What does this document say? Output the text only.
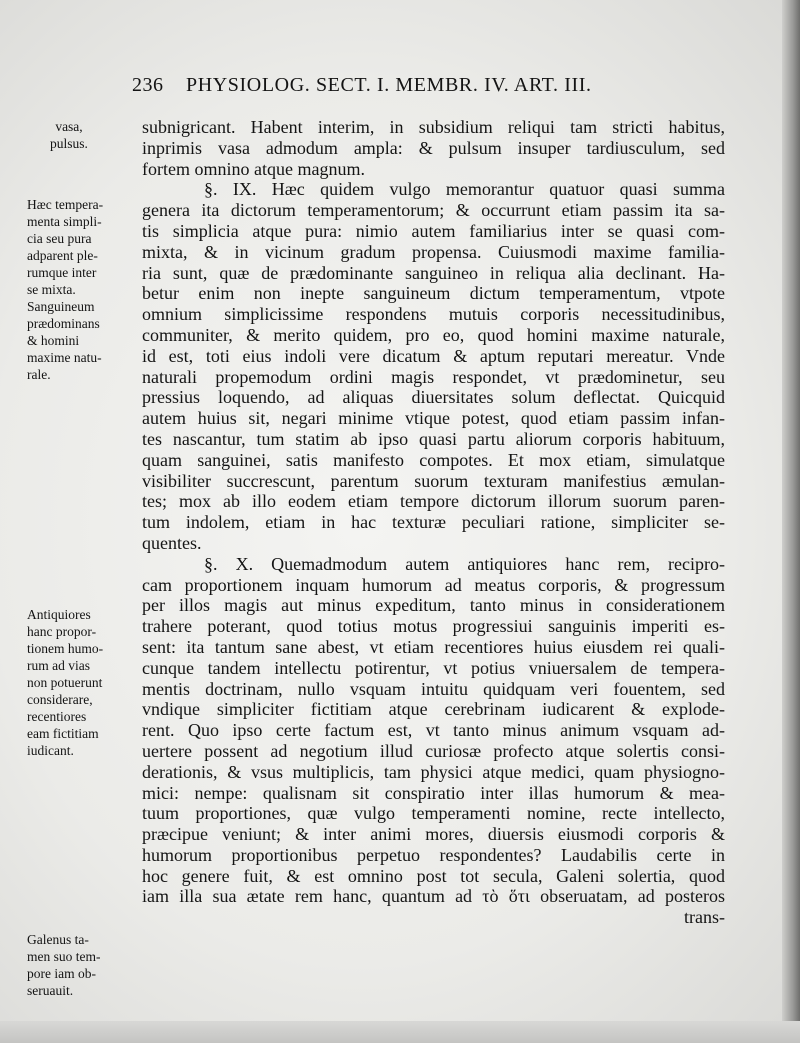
236 PHYSIOLOG. SECT. I. MEMBR. IV. ART. III.
vasa,
pulsus.
Hæc tempera-
menta simpli-
cia seu pura
adparent ple-
rumque inter
se mixta.
Sanguineum
prædominans
& homini
maxime natu-
rale.
Antiquiores
hanc propor-
tionem humo-
rum ad vias
non potuerunt
considerare,
recentiores
eam fictitiam
iudicant.
Galenus ta-
men suo tem-
pore iam ob-
seruauit.
subnigricant. Habent interim, in subsidium reliqui tam stricti habitus,
inprimis vasa admodum ampla: & pulsum insuper tardiusculum, sed
fortem omnino atque magnum.
§. IX. Hæc quidem vulgo memorantur quatuor quasi summa
genera ita dictorum temperamentorum; & occurrunt etiam passim ita sa-
tis simplicia atque pura: nimio autem familiarius inter se quasi com-
mixta, & in vicinum gradum propensa. Cuiusmodi maxime familia-
ria sunt, quæ de prædominante sanguineo in reliqua alia declinant. Ha-
betur enim non inepte sanguineum dictum temperamentum, vtpote
omnium simplicissime respondens mutuis corporis necessitudinibus,
communiter, & merito quidem, pro eo, quod homini maxime naturale,
id est, toti eius indoli vere dicatum & aptum reputari mereatur. Vnde
naturali propemodum ordini magis respondet, vt prædominetur, seu
pressius loquendo, ad aliquas diuersitates solum deflectat. Quicquid
autem huius sit, negari minime vtique potest, quod etiam passim infan-
tes nascantur, tum statim ab ipso quasi partu aliorum corporis habituum,
quam sanguinei, satis manifesto compotes. Et mox etiam, simulatque
visibiliter succrescunt, parentum suorum texturam manifestius æmulan-
tes; mox ab illo eodem etiam tempore dictorum illorum suorum paren-
tum indolem, etiam in hac texturæ peculiari ratione, simpliciter se-
quentes.
§. X. Quemadmodum autem antiquiores hanc rem, recipro-
cam proportionem inquam humorum ad meatus corporis, & progressum
per illos magis aut minus expeditum, tanto minus in considerationem
trahere poterant, quod totius motus progressiui sanguinis imperiti es-
sent: ita tantum sane abest, vt etiam recentiores huius eiusdem rei quali-
cunque tandem intellectu potirentur, vt potius vniuersalem de tempera-
mentis doctrinam, nullo vsquam intuitu quidquam veri fouentem, sed
vndique simpliciter fictitiam atque cerebrinam iudicarent & explode-
rent. Quo ipso certe factum est, vt tanto minus animum vsquam ad-
uertere possent ad negotium illud curiosæ profecto atque solertis consi-
derationis, & vsus multiplicis, tam physici atque medici, quam physiogno-
mici: nempe: qualisnam sit conspiratio inter illas humorum & mea-
tuum proportiones, quæ vulgo temperamenti nomine, recte intellecto,
præcipue veniunt; & inter animi mores, diuersis eiusmodi corporis &
humorum proportionibus perpetuo respondentes? Laudabilis certe in
hoc genere fuit, & est omnino post tot secula, Galeni solertia, quod
iam illa sua ætate rem hanc, quantum ad τὸ ὅτι obseruatam, ad posteros
trans-
